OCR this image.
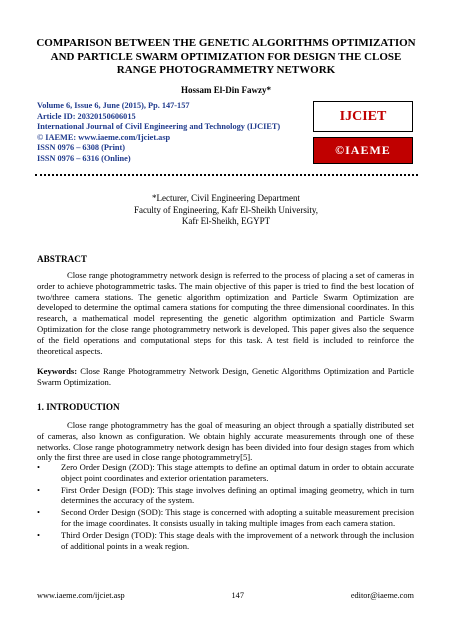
COMPARISON BETWEEN THE GENETIC ALGORITHMS OPTIMIZATION AND PARTICLE SWARM OPTIMIZATION FOR DESIGN THE CLOSE RANGE PHOTOGRAMMETRY NETWORK
Hossam El-Din Fawzy*
Volume 6, Issue 6, June (2015), Pp. 147-157
Article ID: 20320150606015
International Journal of Civil Engineering and Technology (IJCIET)
© IAEME: www.iaeme.com/Ijciet.asp
ISSN 0976 – 6308 (Print)
ISSN 0976 – 6316 (Online)
IJCIET
©IAEME
*Lecturer, Civil Engineering Department
Faculty of Engineering, Kafr El-Sheikh University,
Kafr El-Sheikh, EGYPT
ABSTRACT
Close range photogrammetry network design is referred to the process of placing a set of cameras in order to achieve photogrammetric tasks. The main objective of this paper is tried to find the best location of two/three camera stations. The genetic algorithm optimization and Particle Swarm Optimization are developed to determine the optimal camera stations for computing the three dimensional coordinates. In this research, a mathematical model representing the genetic algorithm optimization and Particle Swarm Optimization for the close range photogrammetry network is developed. This paper gives also the sequence of the field operations and computational steps for this task. A test field is included to reinforce the theoretical aspects.
Keywords: Close Range Photogrammetry Network Design, Genetic Algorithms Optimization and Particle Swarm Optimization.
1. INTRODUCTION
Close range photogrammetry has the goal of measuring an object through a spatially distributed set of cameras, also known as configuration. We obtain highly accurate measurements through one of these networks. Close range photogrammetry network design has been divided into four design stages from which only the first three are used in close range photogrammetry[5].
• Zero Order Design (ZOD): This stage attempts to define an optimal datum in order to obtain accurate object point coordinates and exterior orientation parameters.
• First Order Design (FOD): This stage involves defining an optimal imaging geometry, which in turn determines the accuracy of the system.
• Second Order Design (SOD): This stage is concerned with adopting a suitable measurement precision for the image coordinates. It consists usually in taking multiple images from each camera station.
• Third Order Design (TOD): This stage deals with the improvement of a network through the inclusion of additional points in a weak region.
www.iaeme.com/ijciet.asp	147	editor@iaeme.com
